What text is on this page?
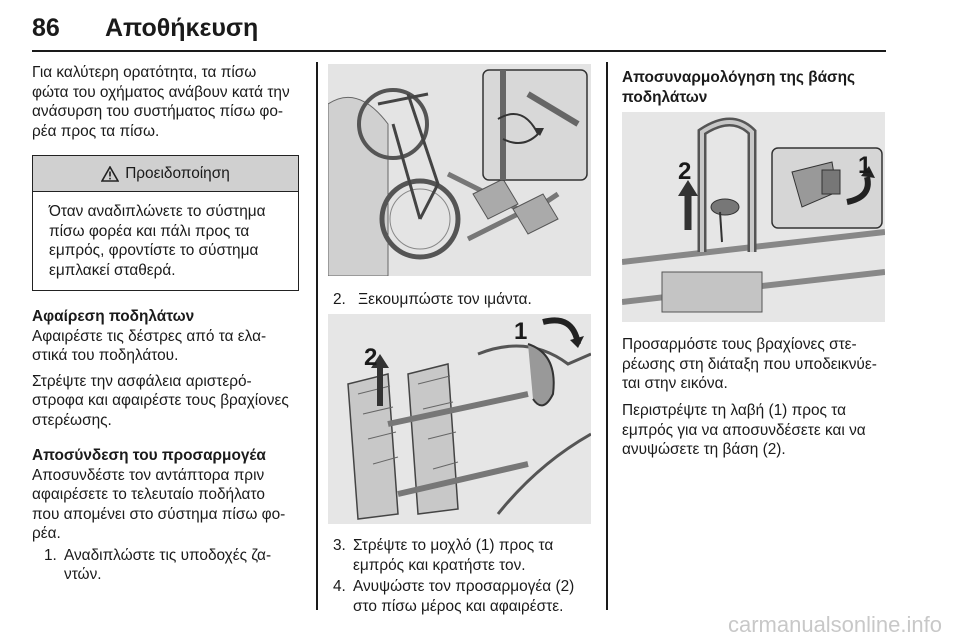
86 Αποθήκευση

Για καλύτερη ορατότητα, τα πίσω
φώτα του οχήματος ανάβουν κατά την
ανάσυρση του συστήματος πίσω φο-
ρέα προς τα πίσω.

Προειδοποίηση
Όταν αναδιπλώνετε το σύστημα
πίσω φορέα και πάλι προς τα
εμπρός, φροντίστε το σύστημα
εμπλακεί σταθερά.

Αφαίρεση ποδηλάτων

Αφαιρέστε τις δέστρες από τα ελα-
στικά του ποδηλάτου.

Στρέψτε την ασφάλεια αριστερό-
στροφα και αφαιρέστε τους βραχίονες
στερέωσης.

Αποσύνδεση του προσαρμογέα

Αποσυνδέστε τον αντάπτορα πριν
αφαιρέσετε το τελευταίο ποδήλατο
που απομένει στο σύστημα πίσω φο-
ρέα.

1. Αναδιπλώστε τις υποδοχές ζα-
ντών.
2. Ξεκουμπώστε τον ιμάντα.
1
2
3. Στρέψτε το μοχλό (1) προς τα
εμπρός και κρατήστε τον.
4. Ανυψώστε τον προσαρμογέα (2)
στο πίσω μέρος και αφαιρέστε.
Αποσυναρμολόγηση της βάσης
ποδηλάτων
1
2
Προσαρμόστε τους βραχίονες στε-
ρέωσης στη διάταξη που υποδεικνύε-
ται στην εικόνα.
Περιστρέψτε τη λαβή (1) προς τα
εμπρός για να αποσυνδέσετε και να
ανυψώσετε τη βάση (2).
carmanualsonline.info
